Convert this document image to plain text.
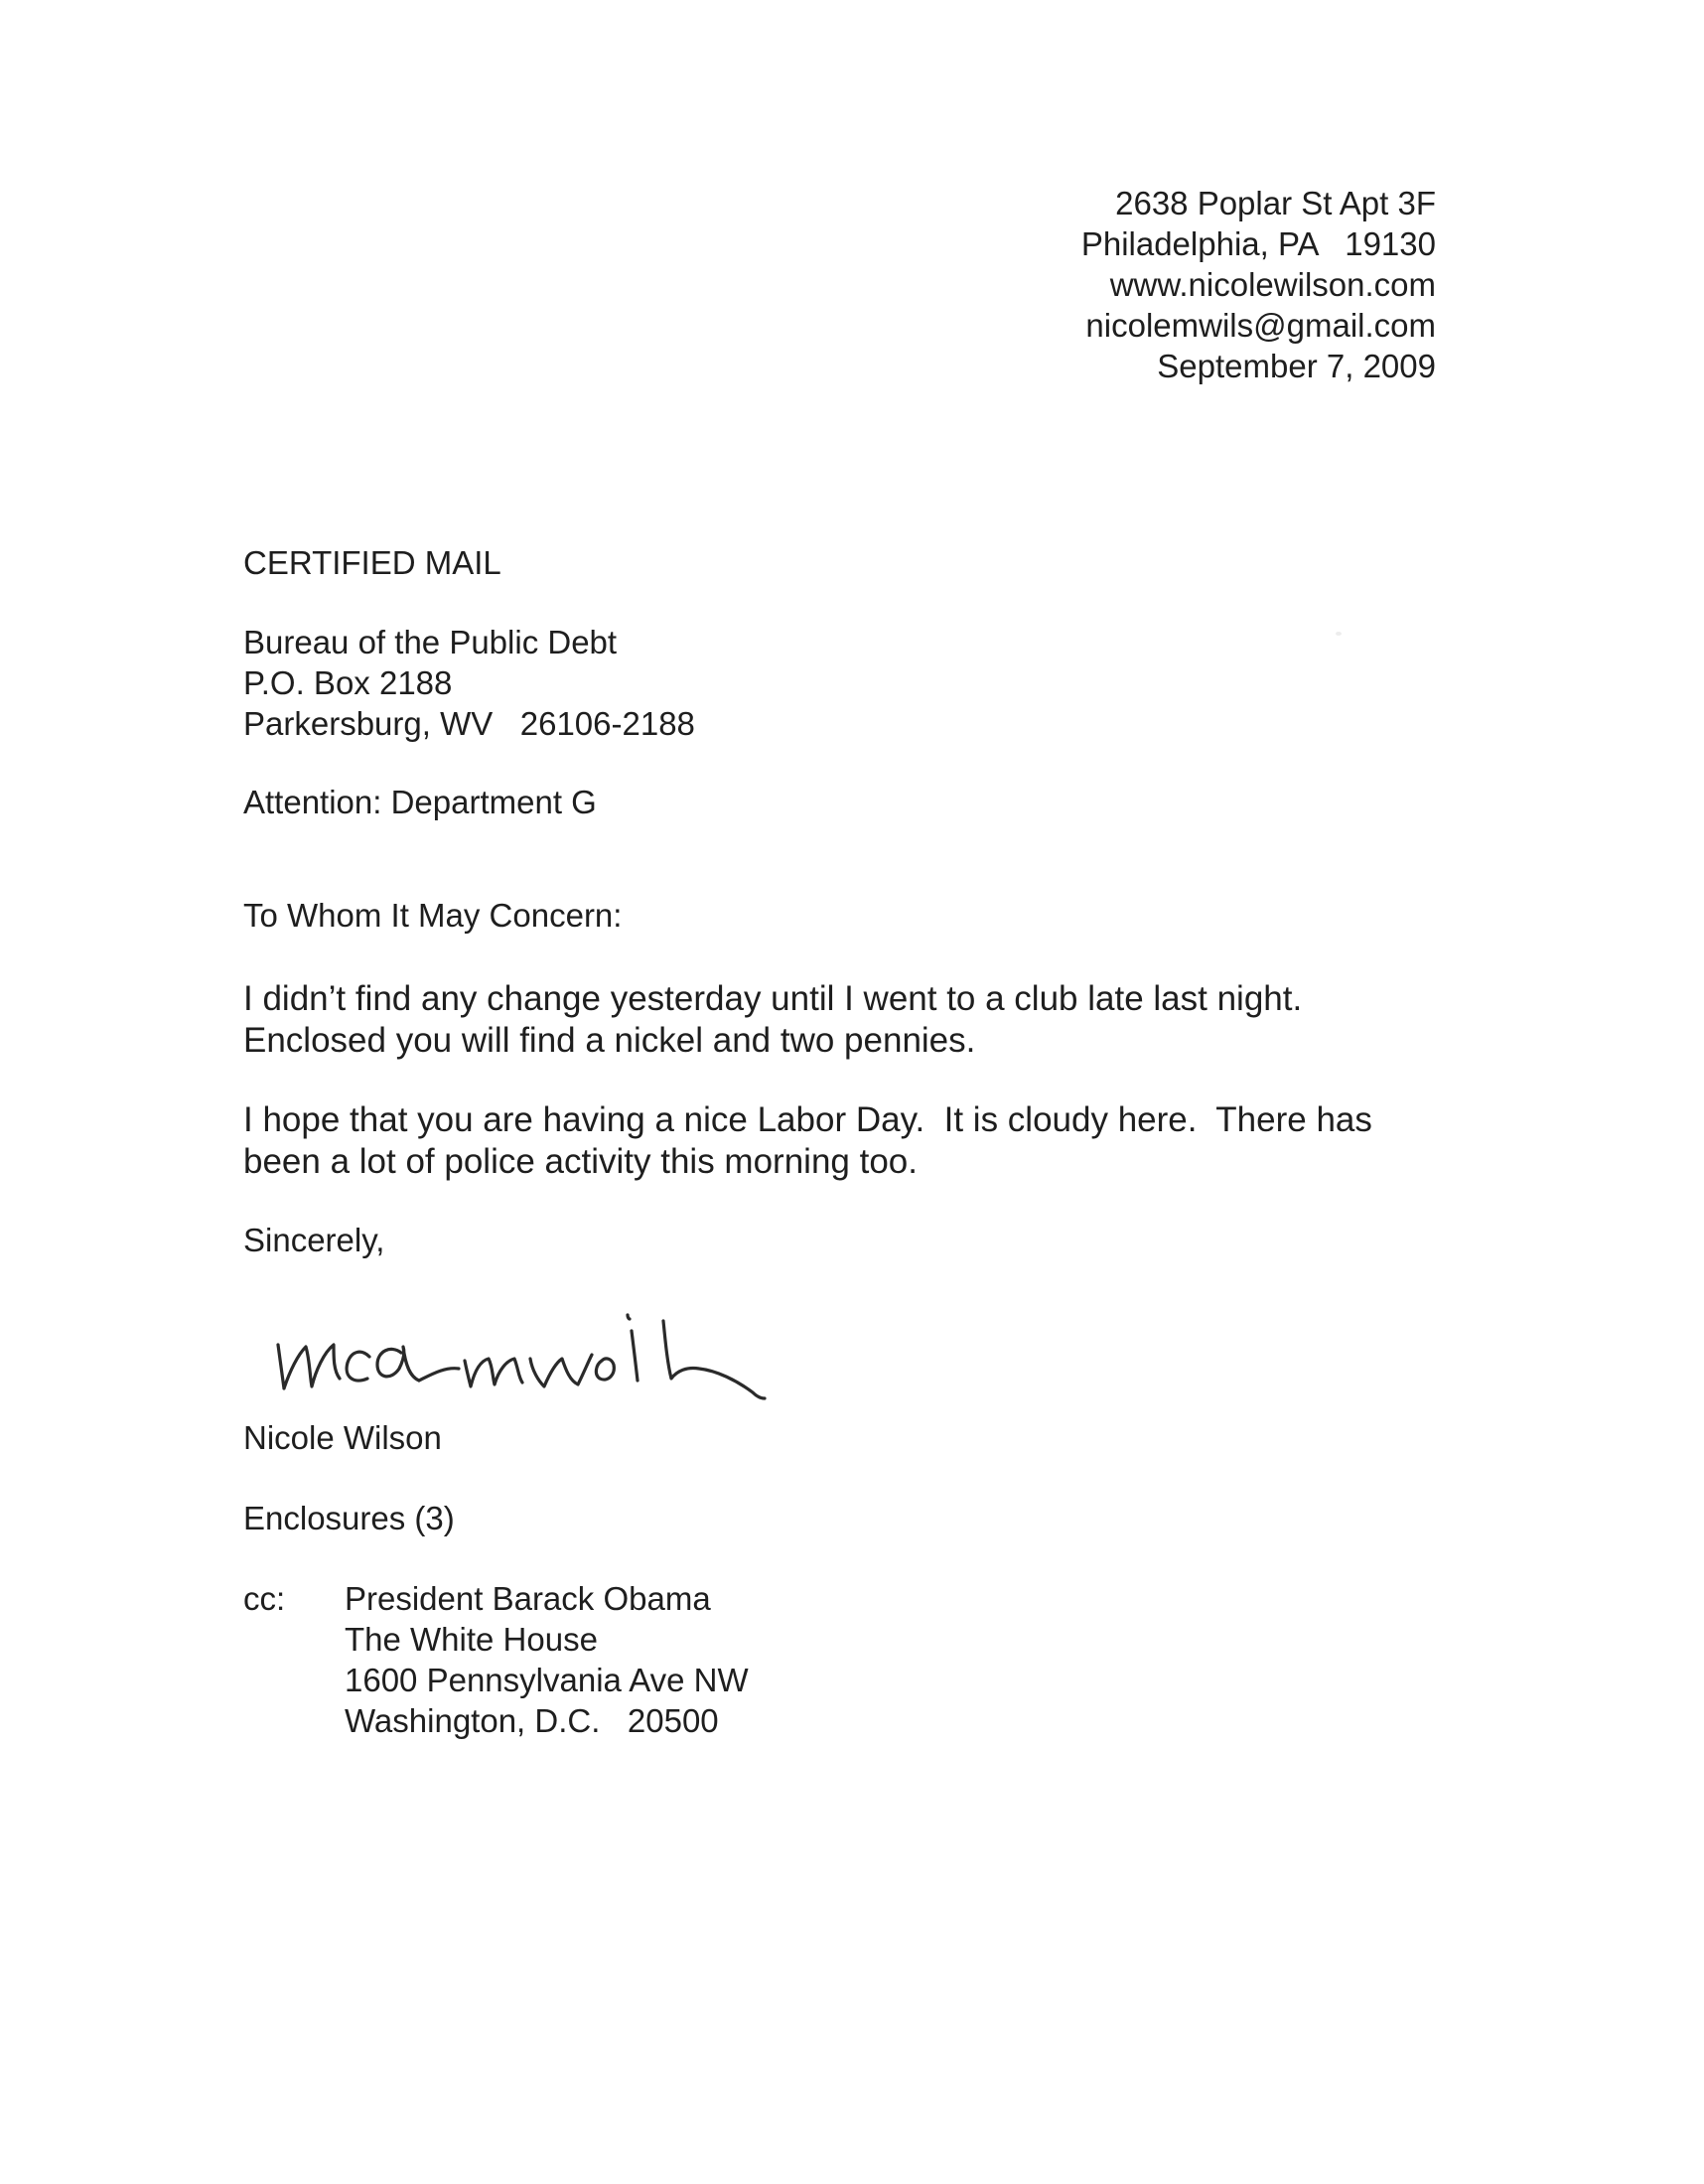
2638 Poplar St Apt 3F
Philadelphia, PA   19130
www.nicolewilson.com
nicolemwils@gmail.com
September 7, 2009
CERTIFIED MAIL
Bureau of the Public Debt
P.O. Box 2188
Parkersburg, WV   26106-2188
Attention: Department G
To Whom It May Concern:
I didn’t find any change yesterday until I went to a club late last night.
Enclosed you will find a nickel and two pennies.
I hope that you are having a nice Labor Day.  It is cloudy here.  There has
been a lot of police activity this morning too.
Sincerely,
Nicole Wilson
Enclosures (3)
cc: President Barack Obama
The White House
1600 Pennsylvania Ave NW
Washington, D.C.   20500
